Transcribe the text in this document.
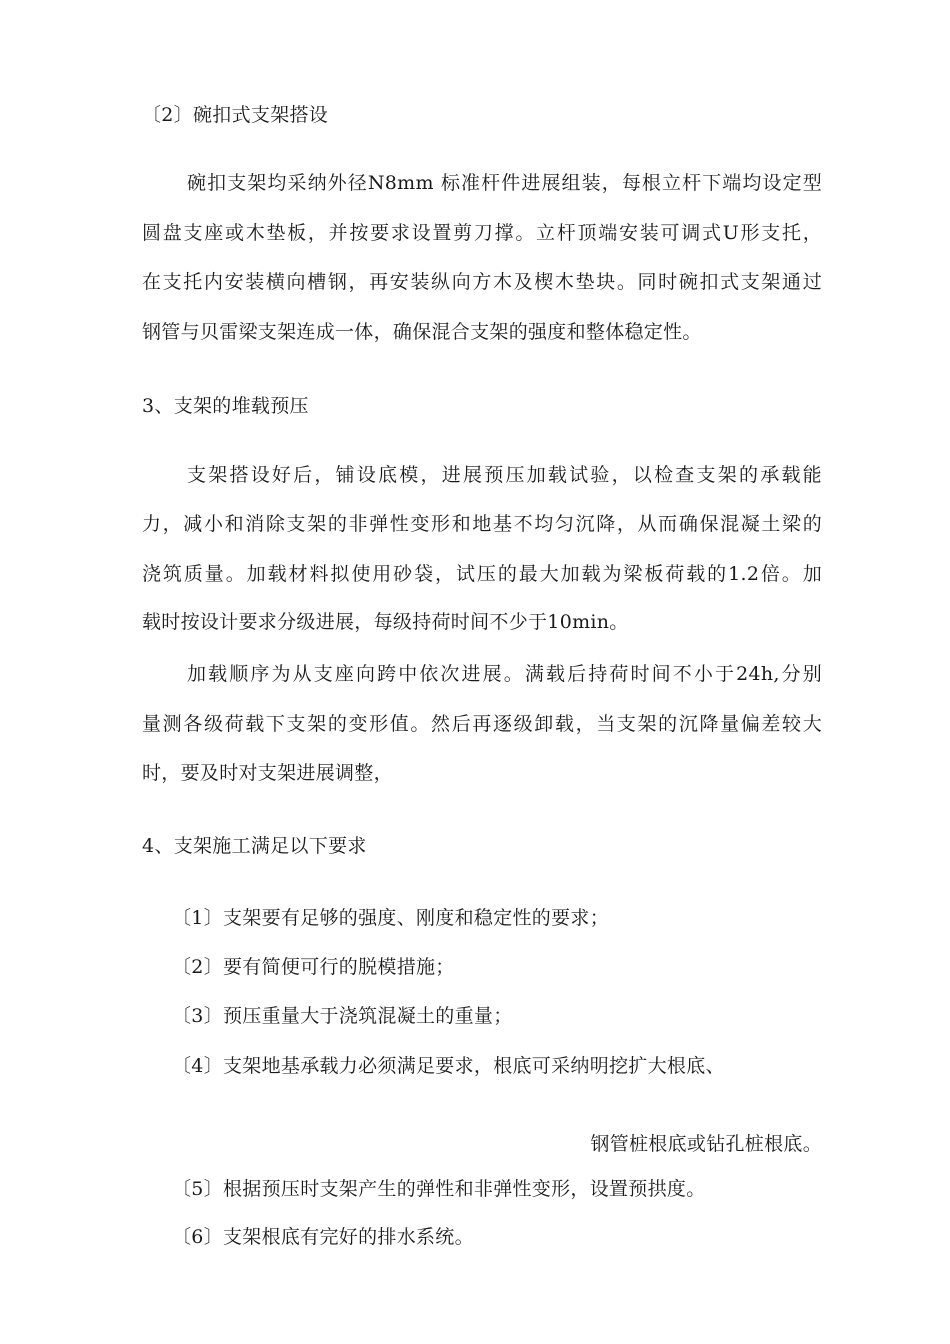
〔2〕碗扣式支架搭设
碗扣支架均采纳外径N8mm 标准杆件进展组装，每根立杆下端均设定型
圆盘支座或木垫板，并按要求设置剪刀撑。立杆顶端安装可调式U形支托，
在支托内安装横向槽钢，再安装纵向方木及楔木垫块。同时碗扣式支架通过
钢管与贝雷梁支架连成一体，确保混合支架的强度和整体稳定性。
3、支架的堆载预压
支架搭设好后，铺设底模，进展预压加载试验，以检查支架的承载能
力，减小和消除支架的非弹性变形和地基不均匀沉降，从而确保混凝土梁的
浇筑质量。加载材料拟使用砂袋，试压的最大加载为梁板荷载的1.2倍。加
载时按设计要求分级进展，每级持荷时间不少于10min。
加载顺序为从支座向跨中依次进展。满载后持荷时间不小于24h,分别
量测各级荷载下支架的变形值。然后再逐级卸载，当支架的沉降量偏差较大
时，要及时对支架进展调整，
4、支架施工满足以下要求
〔1〕支架要有足够的强度、刚度和稳定性的要求；
〔2〕要有简便可行的脱模措施；
〔3〕预压重量大于浇筑混凝土的重量；
〔4〕支架地基承载力必须满足要求，根底可采纳明挖扩大根底、
钢管桩根底或钻孔桩根底。
〔5〕根据预压时支架产生的弹性和非弹性变形，设置预拱度。
〔6〕支架根底有完好的排水系统。
